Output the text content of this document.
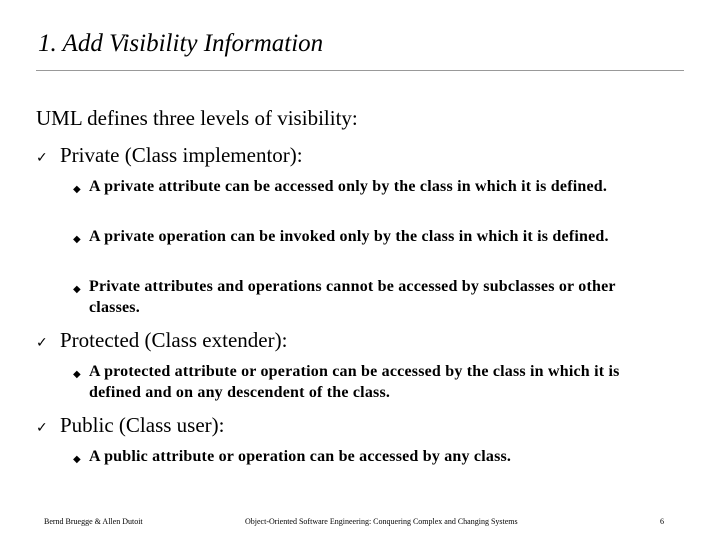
1. Add Visibility Information
UML defines three levels of visibility:
✓ Private (Class implementor):
◆ A private attribute can be accessed only by the class in which it is defined.
◆ A private operation can be invoked only by the class in which it is defined.
◆ Private attributes and operations cannot be accessed by subclasses or other classes.
✓ Protected (Class extender):
◆ A protected attribute or operation can be accessed by the class in which it is defined and on any descendent of the class.
✓ Public (Class user):
◆ A public attribute or operation can be accessed by any class.
Bernd Bruegge & Allen Dutoit	Object-Oriented Software Engineering: Conquering Complex and Changing Systems	6
